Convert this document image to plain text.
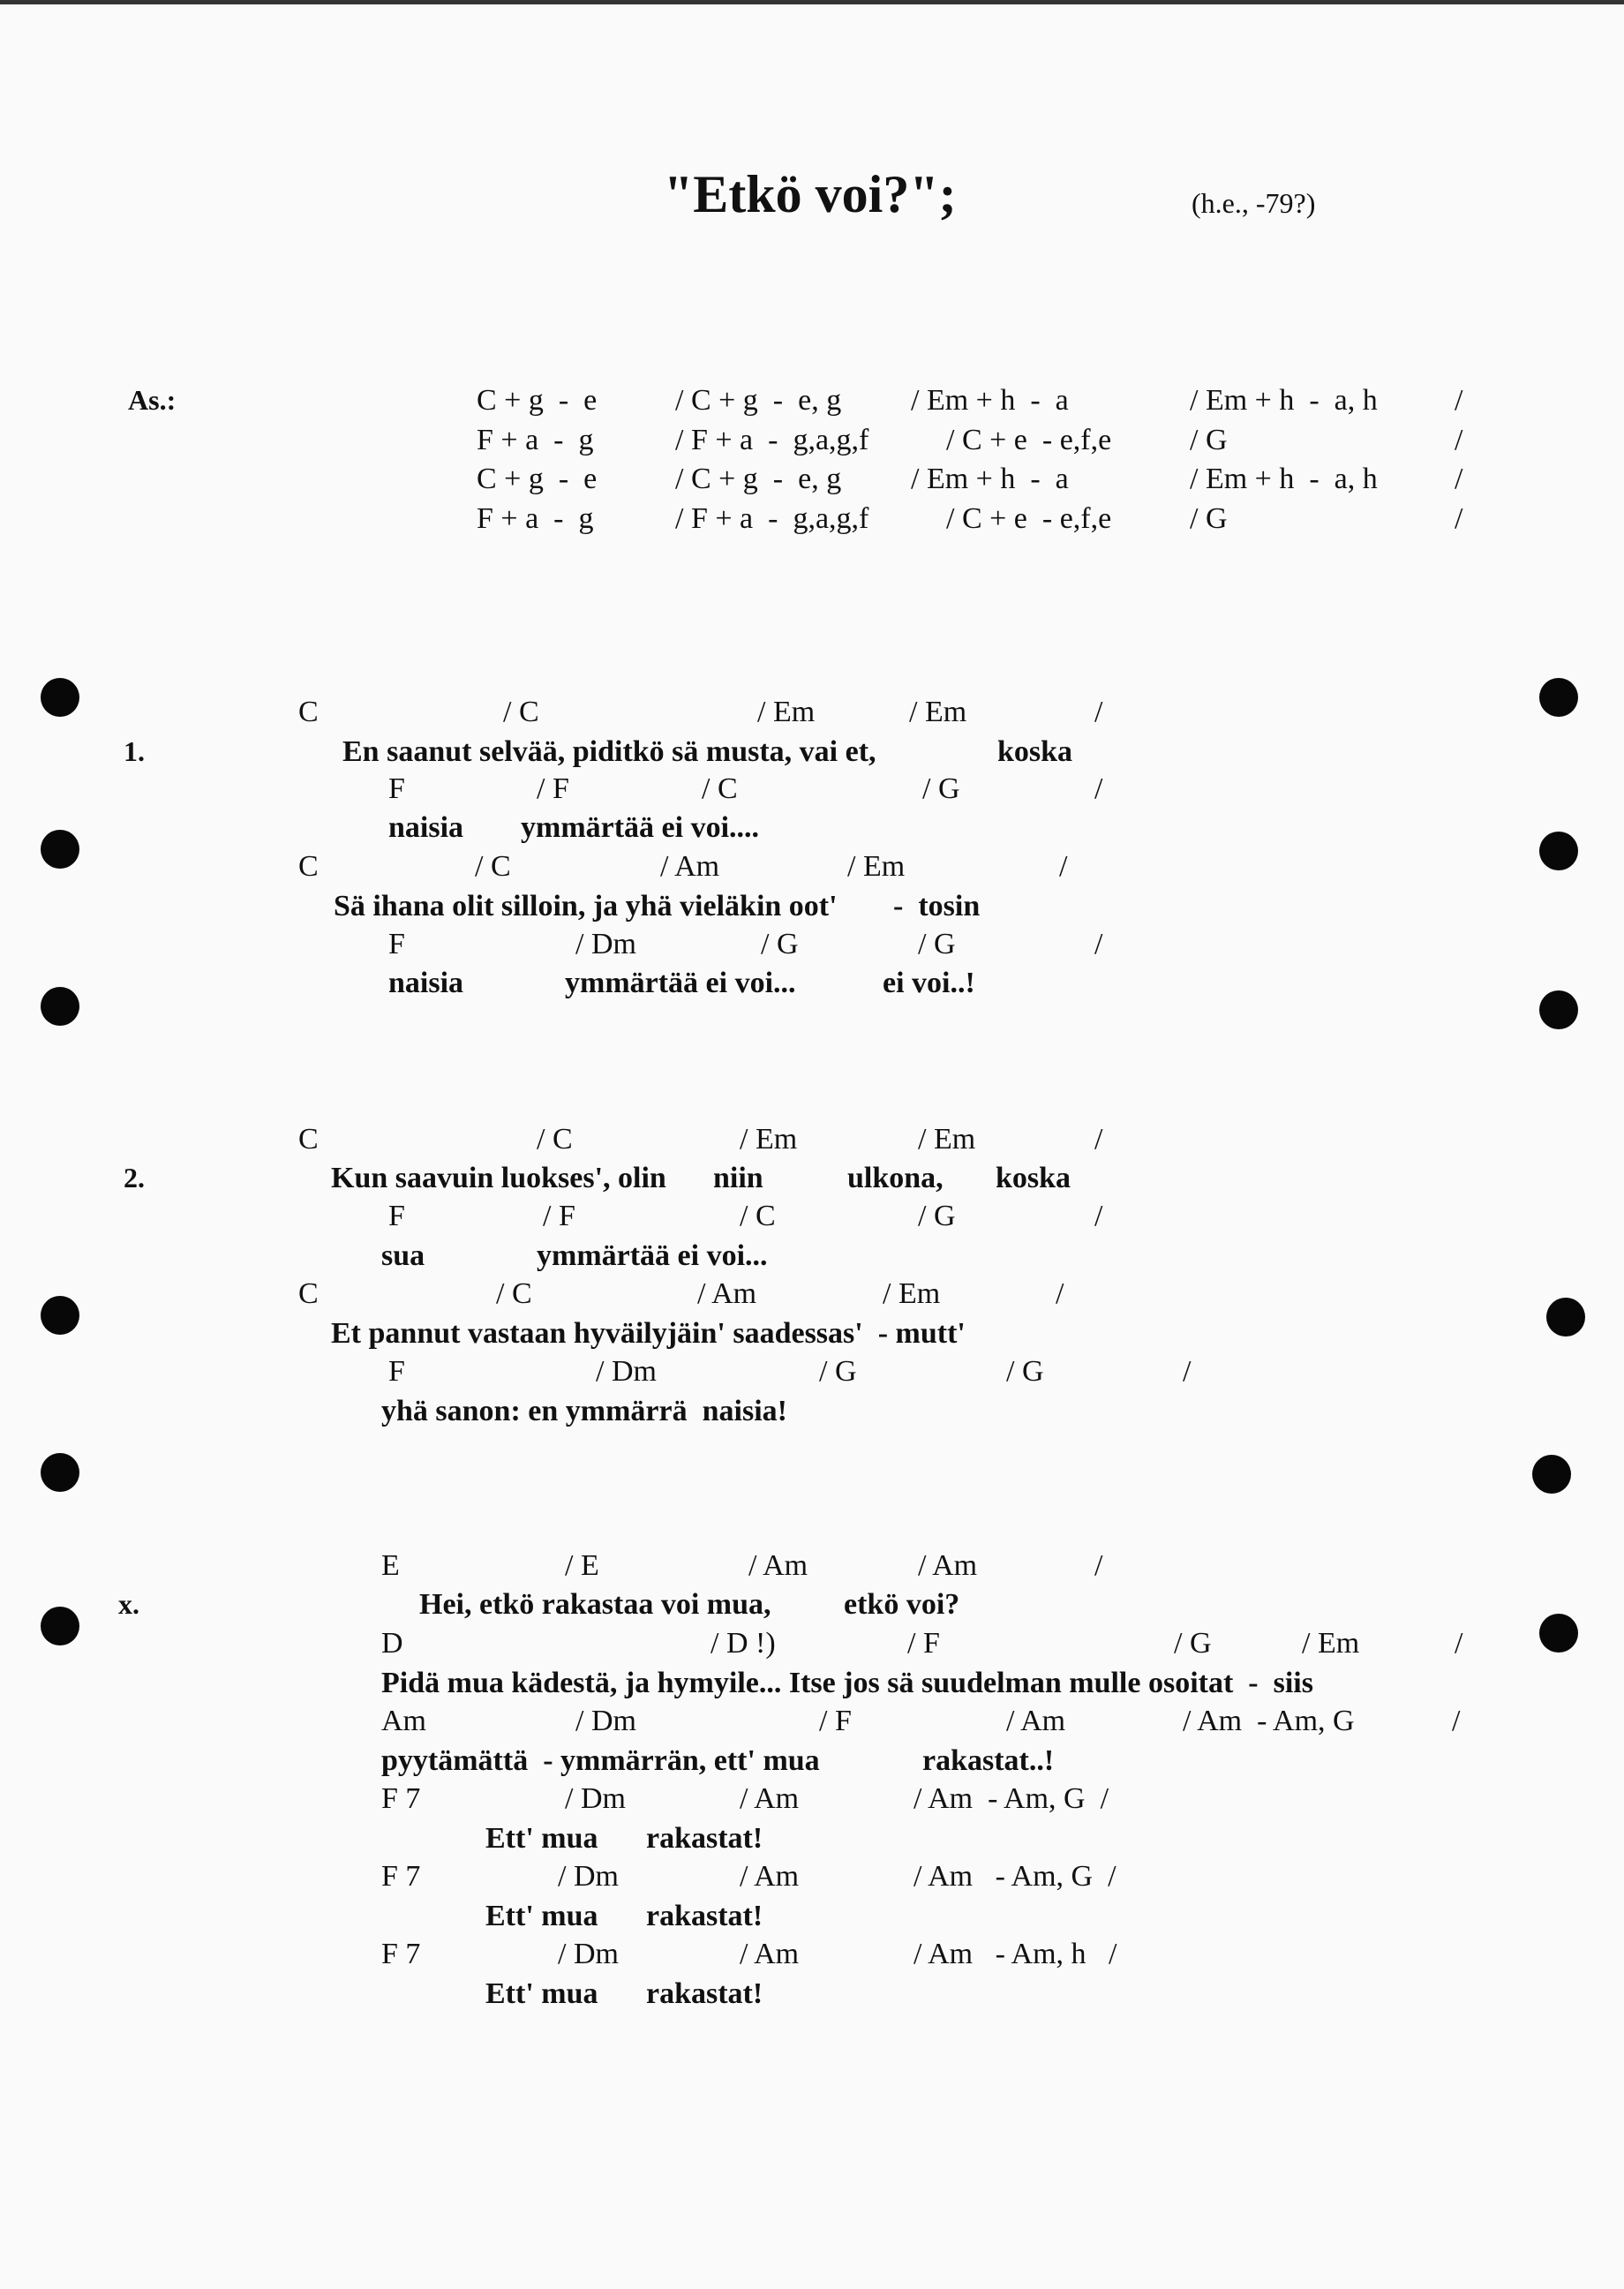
"Etkö voi?";	(h.e., -79?)
As.:	C + g  -  e	/ C + g  -  e, g / Em + h  -  a	/ Em + h  -  a, h	/
F + a  -  g	/ F + a  -  g,a,g,f	/ C + e  - e,f,e	/ G	/
C + g  -  e	/ C + g  -  e, g / Em + h  -  a	/ Em + h  -  a, h	/
F + a  -  g	/ F + a  -  g,a,g,f	/ C + e  - e,f,e	/ G	/
1.
C	/ C	/ Em	/ Em	/
En saanut selvää, piditkö sä musta, vai et,	koska
F	/ F	/ C	/ G	/
naisia ymmärtää ei voi....
C	/ C	/ Am	/ Em	/
Sä ihana olit silloin, ja yhä vieläkin oot' -  tosin
F	/ Dm	/ G	/ G	/
naisia	ymmärtää ei voi...	ei voi..!
2.
C	/ C	/ Em	/ Em	/
Kun saavuin luokses', olin niin	ulkona, koska
F	/ F	/ C	/ G	/
sua	ymmärtää ei voi...
C	/ C	/ Am	/ Em	/
Et pannut vastaan hyväilyjäin' saadessas'  - mutt'
F	/ Dm	/ G	/ G	/
yhä sanon: en ymmärrä  naisia!
x.
E	/ E	/ Am	/ Am	/
Hei, etkö rakastaa voi mua, etkö voi?
D	/ D !)	/ F	/ G	/ Em	/
Pidä mua kädestä, ja hymyile... Itse jos sä suudelman mulle osoitat  -  siis
Am	/ Dm	/ F	/ Am	/ Am  - Am, G	/
pyytämättä  - ymmärrän, ett' mua	rakastat..!
F 7	/ Dm	/ Am	/ Am  - Am, G  /
Ett' mua rakastat!
F 7	/ Dm	/ Am	/ Am   - Am, G  /
Ett' mua rakastat!
F 7	/ Dm	/ Am	/ Am   - Am, h   /
Ett' mua rakastat!
